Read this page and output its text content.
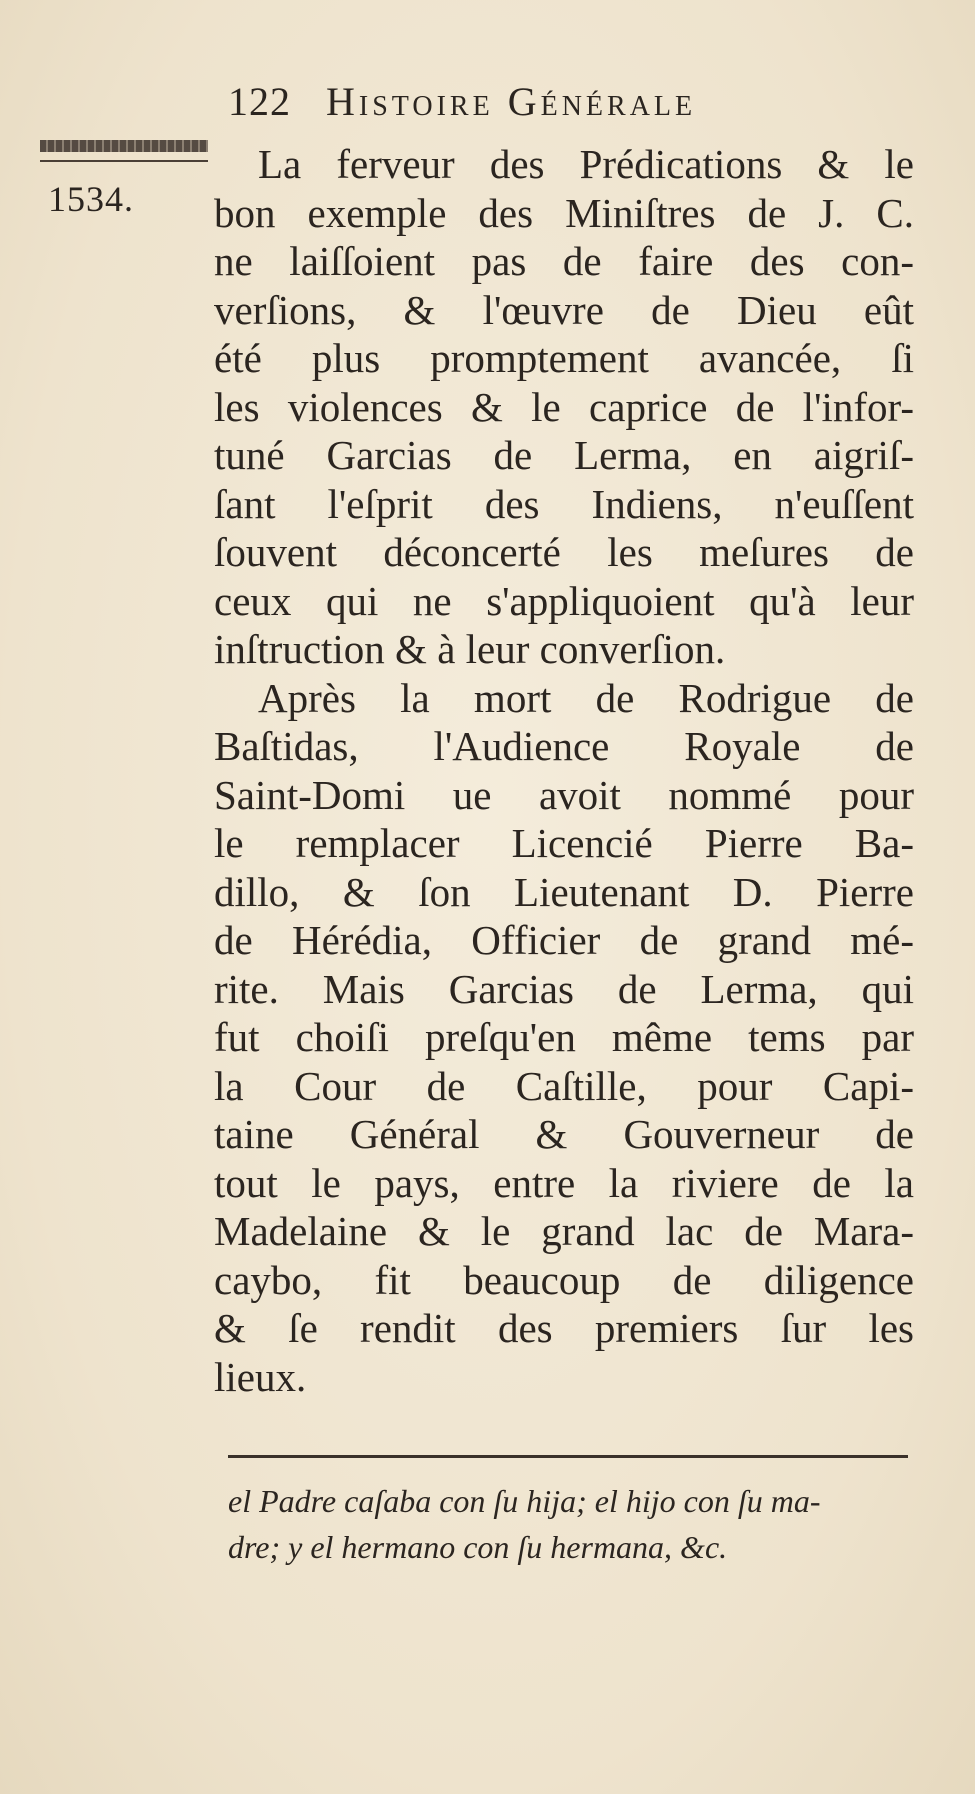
122 Histoire Générale
1534.
La ferveur des Prédications & le
bon exemple des Miniſtres de J. C.
ne laiſſoient pas de faire des con-
verſions, & l'œuvre de Dieu eût
été plus promptement avancée, ſi
les violences & le caprice de l'infor-
tuné Garcias de Lerma, en aigriſ-
ſant l'eſprit des Indiens, n'euſſent
ſouvent déconcerté les meſures de
ceux qui ne s'appliquoient qu'à leur
inſtruction & à leur converſion.
Après la mort de Rodrigue de
Baſtidas, l'Audience Royale de
Saint-Domi ue avoit nommé pour
le remplacer Licencié Pierre Ba-
dillo, & ſon Lieutenant D. Pierre
de Hérédia, Officier de grand mé-
rite. Mais Garcias de Lerma, qui
fut choiſi preſqu'en même tems par
la Cour de Caſtille, pour Capi-
taine Général & Gouverneur de
tout le pays, entre la riviere de la
Madelaine & le grand lac de Mara-
caybo, fit beaucoup de diligence
& ſe rendit des premiers ſur les
lieux.
el Padre caſaba con ſu hija; el hijo con ſu ma-
dre; y el hermano con ſu hermana, &c.
